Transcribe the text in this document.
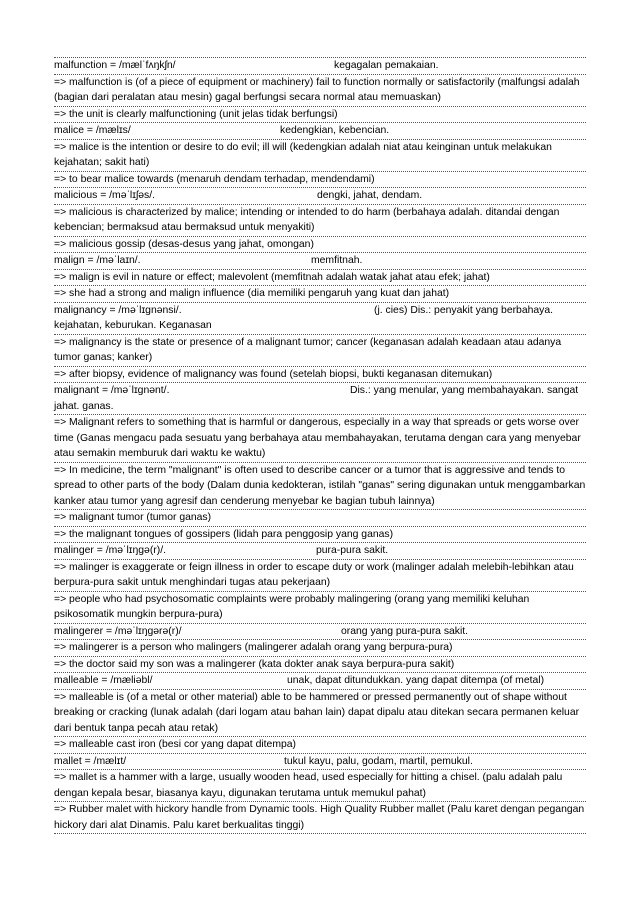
malfunction = /mælˈfʌŋkʃn/	kegagalan pemakaian.
=> malfunction is (of a piece of equipment or machinery) fail to function normally or satisfactorily (malfungsi adalah (bagian dari peralatan atau mesin) gagal berfungsi secara normal atau memuaskan)
=> the unit is clearly malfunctioning (unit jelas tidak berfungsi)
malice = /mælɪs/	kedengkian, kebencian.
=> malice is the intention or desire to do evil; ill will (kedengkian adalah niat atau keinginan untuk melakukan kejahatan; sakit hati)
=> to bear malice towards (menaruh dendam terhadap, mendendami)
malicious = /məˈlɪʃəs/.	dengki, jahat, dendam.
=> malicious is characterized by malice; intending or intended to do harm (berbahaya adalah. ditandai dengan kebencian; bermaksud atau bermaksud untuk menyakiti)
=> malicious gossip (desas-desus yang jahat, omongan)
malign = /məˈlaɪn/.	memfitnah.
=> malign is evil in nature or effect; malevolent (memfitnah adalah watak jahat atau efek; jahat)
=> she had a strong and malign influence (dia memiliki pengaruh yang kuat dan jahat)
malignancy = /məˈlɪgnənsi/.	(j. cies) Dis.: penyakit yang berbahaya. kejahatan, keburukan. Keganasan
=> malignancy is the state or presence of a malignant tumor; cancer (keganasan adalah keadaan atau adanya tumor ganas; kanker)
=> after biopsy, evidence of malignancy was found (setelah biopsi, bukti keganasan ditemukan)
malignant = /məˈlɪgnənt/.	Dis.: yang menular, yang membahayakan. sangat jahat. ganas.
=> Malignant refers to something that is harmful or dangerous, especially in a way that spreads or gets worse over time (Ganas mengacu pada sesuatu yang berbahaya atau membahayakan, terutama dengan cara yang menyebar atau semakin memburuk dari waktu ke waktu)
=> In medicine, the term "malignant" is often used to describe cancer or a tumor that is aggressive and tends to spread to other parts of the body (Dalam dunia kedokteran, istilah "ganas" sering digunakan untuk menggambarkan kanker atau tumor yang agresif dan cenderung menyebar ke bagian tubuh lainnya)
=> malignant tumor (tumor ganas)
=> the malignant tongues of gossipers (lidah para penggosip yang ganas)
malinger = /məˈlɪŋgə(r)/.	pura-pura sakit.
=> malinger is exaggerate or feign illness in order to escape duty or work (malinger adalah melebih-lebihkan atau berpura-pura sakit untuk menghindari tugas atau pekerjaan)
=> people who had psychosomatic complaints were probably malingering (orang yang memiliki keluhan psikosomatik mungkin berpura-pura)
malingerer = /məˈlɪŋgərə(r)/	orang yang pura-pura sakit.
=> malingerer is a person who malingers (malingerer adalah orang yang berpura-pura)
=> the doctor said my son was a malingerer (kata dokter anak saya berpura-pura sakit)
malleable = /mæliəbl/	unak, dapat ditundukkan. yang dapat ditempa (of metal)
=> malleable is (of a metal or other material) able to be hammered or pressed permanently out of shape without breaking or cracking (lunak adalah (dari logam atau bahan lain) dapat dipalu atau ditekan secara permanen keluar dari bentuk tanpa pecah atau retak)
=> malleable cast iron (besi cor yang dapat ditempa)
mallet = /mælɪt/	tukul kayu, palu, godam, martil, pemukul.
=> mallet is a hammer with a large, usually wooden head, used especially for hitting a chisel. (palu adalah palu dengan kepala besar, biasanya kayu, digunakan terutama untuk memukul pahat)
=> Rubber malet with hickory handle from Dynamic tools. High Quality Rubber mallet (Palu karet dengan pegangan hickory dari alat Dinamis. Palu karet berkualitas tinggi)
